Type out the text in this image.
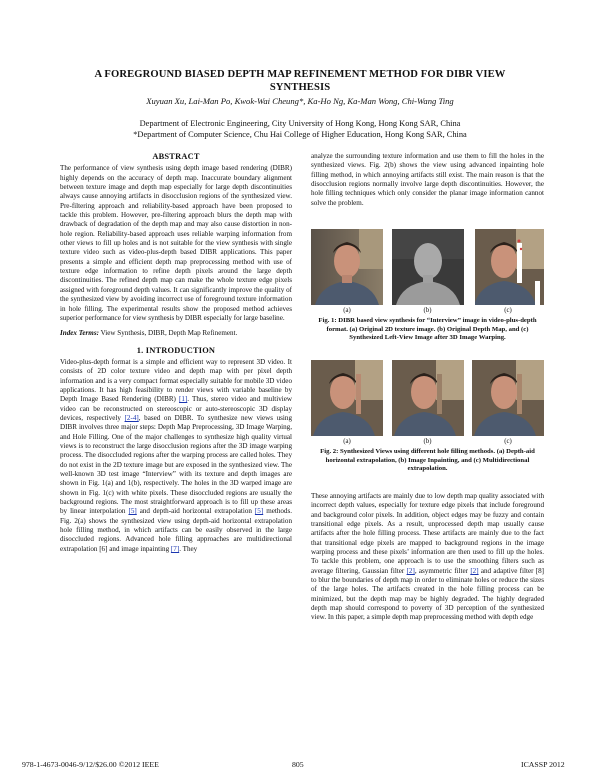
A FOREGROUND BIASED DEPTH MAP REFINEMENT METHOD FOR DIBR VIEW
SYNTHESIS
Xuyuan Xu, Lai-Man Po, Kwok-Wai Cheung*, Ka-Ho Ng, Ka-Man Wong, Chi-Wang Ting
Department of Electronic Engineering, City University of Hong Kong, Hong Kong SAR, China
*Department of Computer Science, Chu Hai College of Higher Education, Hong Kong SAR, China
ABSTRACT

The performance of view synthesis using depth image based rendering (DIBR) highly depends on the accuracy of depth map. Inaccurate boundary alignment between texture image and depth map especially for large depth discontinuities always cause annoying artifacts in disocclusion regions of the synthesized view. Pre-filtering approach and reliability-based approach have been proposed to tackle this problem. However, pre-filtering approach blurs the depth map with drawback of degradation of the depth map and may also cause distortion in non-hole region. Reliability-based approach uses reliable warping information from other views to fill up holes and is not suitable for the view synthesis with single texture video such as video-plus-depth based DIBR applications. This paper presents a simple and efficient depth map preprocessing method with use of texture edge information to refine depth pixels around the large depth discontinuities. The refined depth map can make the whole texture edge pixels assigned with foreground depth values. It can significantly improve the quality of the synthesized view by avoiding incorrect use of foreground texture information in hole filling. The experimental results show the proposed method achieves superior performance for view synthesis by DIBR especially for large baseline.

Index Terms: View Synthesis, DIBR, Depth Map Refinement.

1. INTRODUCTION

Video-plus-depth format is a simple and efficient way to represent 3D video. It consists of 2D color texture video and depth map with per pixel depth information and is a very compact format especially suitable for mobile 3D video applications. It has high feasibility to render views with variable baseline by Depth Image Based Rendering (DIBR) [1]. Thus, stereo video and multiview video can be reconstructed on stereoscopic or auto-stereoscopic 3D display devices, respectively [2-4], based on DIBR. To synthesize new views using DIBR involves three major steps: Depth Map Preprocessing, 3D Image Warping, and Hole Filling. One of the major challenges to synthesize high quality virtual views is to reconstruct the large disocclusion regions after the 3D image warping process. The disoccluded regions after the warping process are called holes. They do not exist in the 2D texture image but are exposed in the synthesized view. The well-known 3D test image “Interview” with its texture and depth images are shown in Fig. 1(a) and 1(b), respectively. The holes in the 3D warped image are shown in Fig. 1(c) with white pixels. These disoccluded regions are usually the background regions. The most straightforward approach is to fill up these areas by linear interpolation [5] and depth-aid horizontal extrapolation [5] methods. Fig. 2(a) shows the synthesized view using depth-aid horizontal extrapolation hole filling method, in which artifacts can be easily observed in the large disoccluded regions. Advanced hole filling approaches are multidirectional extrapolation [6] and image inpainting [7]. They

analyze the surrounding texture information and use them to fill the holes in the synthesized views. Fig. 2(b) shows the view using advanced inpainting hole filling method, in which annoying artifacts still exist. The main reason is that the disocclusion regions normally involve large depth discontinuities. However, the hole filling techniques which only consider the planar image information cannot solve the problem.

(a)	(b)	(c)
Fig. 1: DIBR based view synthesis for “Interview” image in video-plus-depth format. (a) Original 2D texture image. (b) Original Depth Map, and (c) Synthesized Left-View Image after 3D Image Warping.
(a)	(b)	(c)
Fig. 2: Synthesized Views using different hole filling methods. (a) Depth-aid horizontal extrapolation, (b) Image Inpainting, and (c) Multidirectional extrapolation.

These annoying artifacts are mainly due to low depth map quality associated with incorrect depth values, especially for texture edge pixels that include foreground and background color pixels. In addition, object edges may be fuzzy and contain transitional edge pixels. As a result, unprocessed depth map usually cause artifacts after the hole filling process. These artifacts are mainly due to the fact that transitional edge pixels are mapped to background regions in the image warping process and these pixels’ information are then used to fill up the holes. To tackle this problem, one approach is to use the smoothing filters such as average filtering, Gaussian filter [2], asymmetric filter [2] and adaptive filter [8] to blur the boundaries of depth map in order to eliminate holes or reduce the sizes of the large holes. The artifacts created in the hole filling process can be minimized, but the depth map may be highly degraded. The highly degraded depth map should correspond to poverty of 3D perception of the synthesized view. In this paper, a simple depth map preprocessing method with depth edge

978-1-4673-0046-9/12/$26.00 ©2012 IEEE	805	ICASSP 2012
